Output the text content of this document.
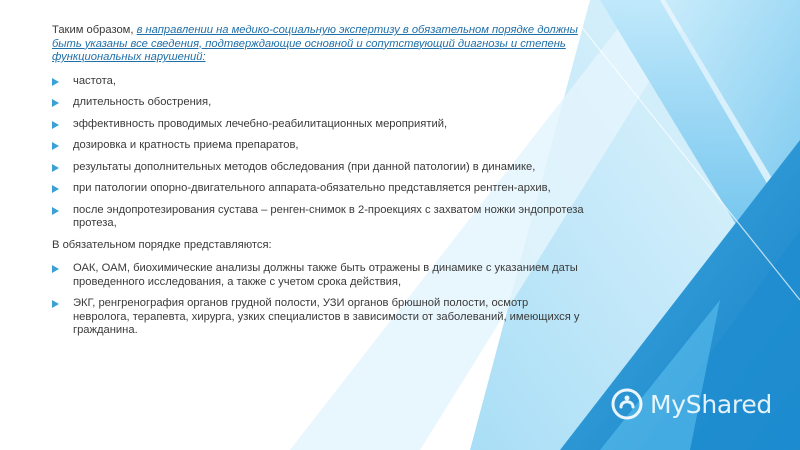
Таким образом, в направлении на медико-социальную экспертизу в обязательном порядке должны быть указаны все сведения, подтверждающие основной и сопутствующий диагнозы и степень функциональных нарушений:

частота,
длительность обострения,
эффективность проводимых лечебно-реабилитационных мероприятий,
дозировка и кратность приема препаратов,
результаты дополнительных методов обследования (при данной патологии) в динамике,
при патологии опорно-двигательного аппарата-обязательно представляется рентген-архив,
после эндопротезирования сустава – ренген-снимок в 2-проекциях с захватом ножки эндопротеза протеза,

В обязательном порядке представляются:

ОАК, ОАМ, биохимические анализы должны также быть отражены в динамике с указанием даты проведенного исследования, а также с учетом срока действия,
ЭКГ, ренгренография органов грудной полости, УЗИ органов брюшной полости, осмотр невролога, терапевта, хирурга, узких специалистов в зависимости от заболеваний, имеющихся у гражданина.
MyShared
